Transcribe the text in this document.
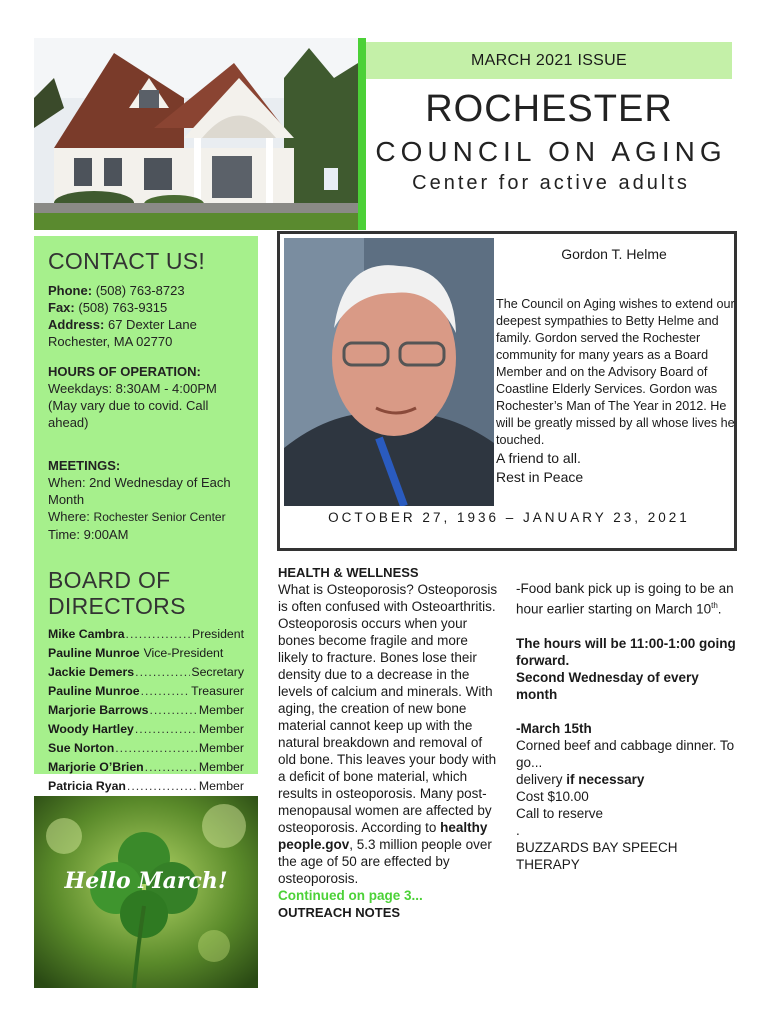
MARCH 2021 ISSUE
ROCHESTER
COUNCIL ON AGING
Center for active adults
CONTACT US!
Phone: (508) 763-8723
Fax: (508) 763-9315
Address: 67 Dexter Lane
Rochester, MA 02770
HOURS OF OPERATION:
Weekdays: 8:30AM - 4:00PM
(May vary due to covid. Call ahead)
MEETINGS:
When: 2nd Wednesday of Each Month
Where: Rochester Senior Center
Time: 9:00AM
BOARD OF DIRECTORS
Mike Cambra .....	President
Pauline Munroe Vice-President
Jackie Demers .....	Secretary
Pauline Munroe .....	Treasurer
Marjorie Barrows .....	Member
Woody Hartley .....	Member
Sue Norton .....	Member
Marjorie O’Brien .....	Member
Patricia Ryan .....	Member
Hello March!
Gordon T. Helme
The Council on Aging wishes to extend our deepest sympathies to Betty Helme and family. Gordon served the Rochester community for many years as a Board Member and on the Advisory Board of Coastline Elderly Services. Gordon was Rochester’s Man of The Year in 2012. He will be greatly missed by all whose lives he touched.
A friend to all.
Rest in Peace
OCTOBER 27, 1936 – JANUARY 23, 2021
HEALTH & WELLNESS
What is Osteoporosis? Osteoporosis is often confused with Osteoarthritis. Osteoporosis occurs when your bones become fragile and more likely to fracture. Bones lose their density due to a decrease in the levels of calcium and minerals. With aging, the creation of new bone material cannot keep up with the natural breakdown and removal of old bone. This leaves your body with a deficit of bone material, which results in osteoporosis. Many post-menopausal women are affected by osteoporosis. According to healthy people.gov, 5.3 million people over the age of 50 are effected by osteoporosis.
Continued on page 3...
OUTREACH NOTES
-Food bank pick up is going to be an hour earlier starting on March 10th.
The hours will be 11:00-1:00 going forward.
Second Wednesday of every month
-March 15th
Corned beef and cabbage dinner. To go...
delivery if necessary
Cost $10.00
Call to reserve
.
BUZZARDS BAY SPEECH THERAPY
